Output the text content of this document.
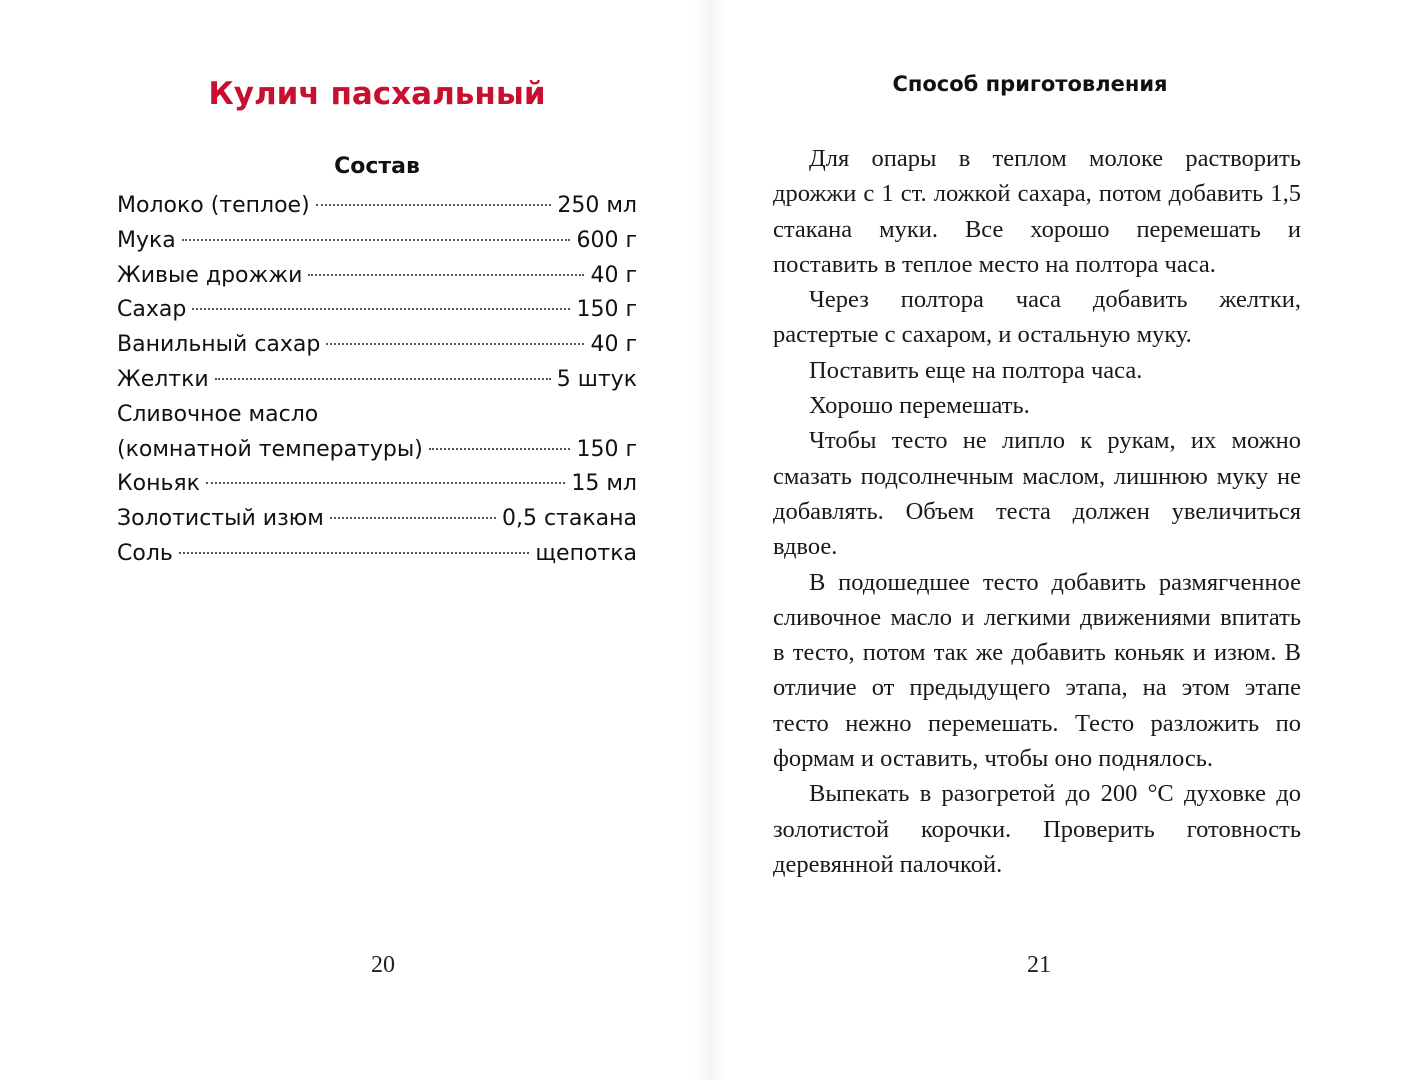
Кулич пасхальный
Состав
Молоко (теплое)	250 мл
Мука	600 г
Живые дрожжи	40 г
Сахар	150 г
Ванильный сахар	40 г
Желтки	5 штук
Сливочное масло
(комнатной температуры)	150 г
Коньяк	15 мл
Золотистый изюм	0,5 стакана
Соль	щепотка
20
Способ приготовления

Для опары в теплом молоке растворить дрожжи с 1 ст. ложкой сахара, потом добавить 1,5 стакана муки. Все хорошо перемешать и поставить в теплое место на полтора часа.

Через полтора часа добавить желтки, растертые с сахаром, и остальную муку.

Поставить еще на полтора часа.

Хорошо перемешать.

Чтобы тесто не липло к рукам, их можно смазать подсолнечным маслом, лишнюю муку не добавлять. Объем теста должен увеличиться вдвое.

В подошедшее тесто добавить размягченное сливочное масло и легкими движениями впитать в тесто, потом так же добавить коньяк и изюм. В отличие от предыдущего этапа, на этом этапе тесто нежно перемешать. Тесто разложить по формам и оставить, чтобы оно поднялось.

Выпекать в разогретой до 200 °С духовке до золотистой корочки. Проверить готовность деревянной палочкой.

21
